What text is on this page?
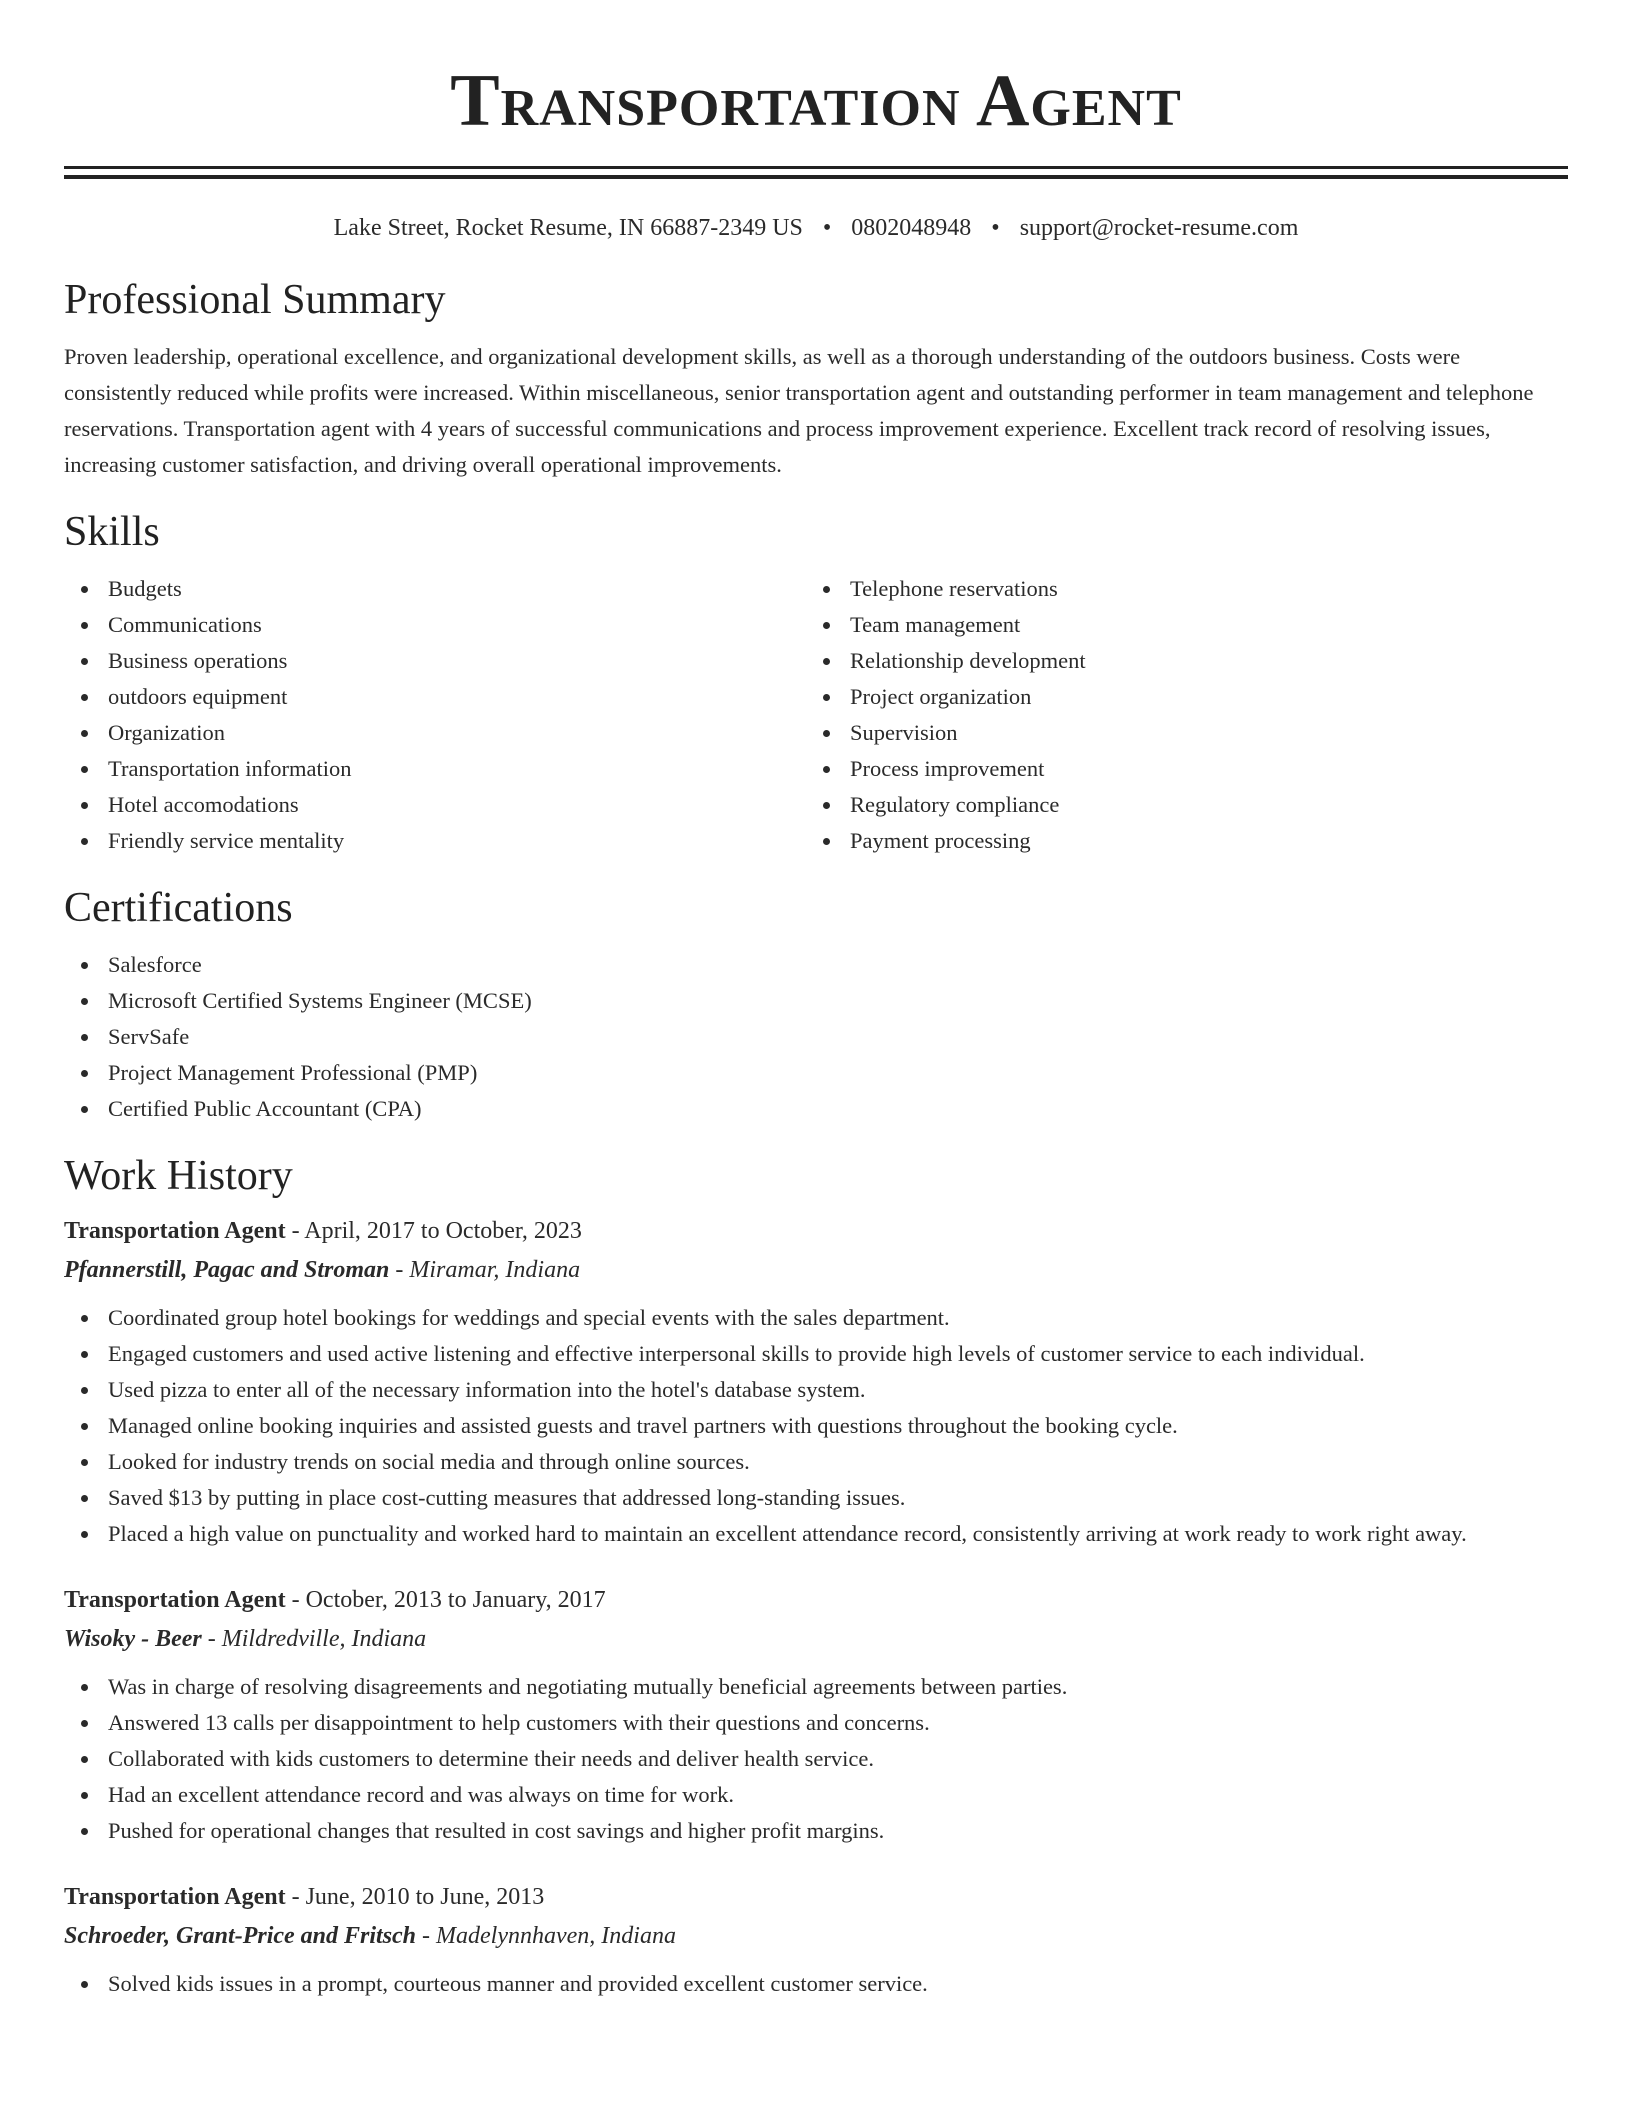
Transportation Agent
Lake Street, Rocket Resume, IN 66887-2349 US • 0802048948 • support@rocket-resume.com
Professional Summary

Proven leadership, operational excellence, and organizational development skills, as well as a thorough understanding of the outdoors business. Costs were consistently reduced while profits were increased. Within miscellaneous, senior transportation agent and outstanding performer in team management and telephone reservations. Transportation agent with 4 years of successful communications and process improvement experience. Excellent track record of resolving issues, increasing customer satisfaction, and driving overall operational improvements.

Skills
Budgets
Communications
Business operations
outdoors equipment
Organization
Transportation information
Hotel accomodations
Friendly service mentality
Telephone reservations
Team management
Relationship development
Project organization
Supervision
Process improvement
Regulatory compliance
Payment processing
Certifications
Salesforce
Microsoft Certified Systems Engineer (MCSE)
ServSafe
Project Management Professional (PMP)
Certified Public Accountant (CPA)
Work History
Transportation Agent - April, 2017 to October, 2023
Pfannerstill, Pagac and Stroman - Miramar, Indiana
Coordinated group hotel bookings for weddings and special events with the sales department.
Engaged customers and used active listening and effective interpersonal skills to provide high levels of customer service to each individual.
Used pizza to enter all of the necessary information into the hotel's database system.
Managed online booking inquiries and assisted guests and travel partners with questions throughout the booking cycle.
Looked for industry trends on social media and through online sources.
Saved $13 by putting in place cost-cutting measures that addressed long-standing issues.
Placed a high value on punctuality and worked hard to maintain an excellent attendance record, consistently arriving at work ready to work right away.
Transportation Agent - October, 2013 to January, 2017
Wisoky - Beer - Mildredville, Indiana
Was in charge of resolving disagreements and negotiating mutually beneficial agreements between parties.
Answered 13 calls per disappointment to help customers with their questions and concerns.
Collaborated with kids customers to determine their needs and deliver health service.
Had an excellent attendance record and was always on time for work.
Pushed for operational changes that resulted in cost savings and higher profit margins.
Transportation Agent - June, 2010 to June, 2013
Schroeder, Grant-Price and Fritsch - Madelynnhaven, Indiana
Solved kids issues in a prompt, courteous manner and provided excellent customer service.
